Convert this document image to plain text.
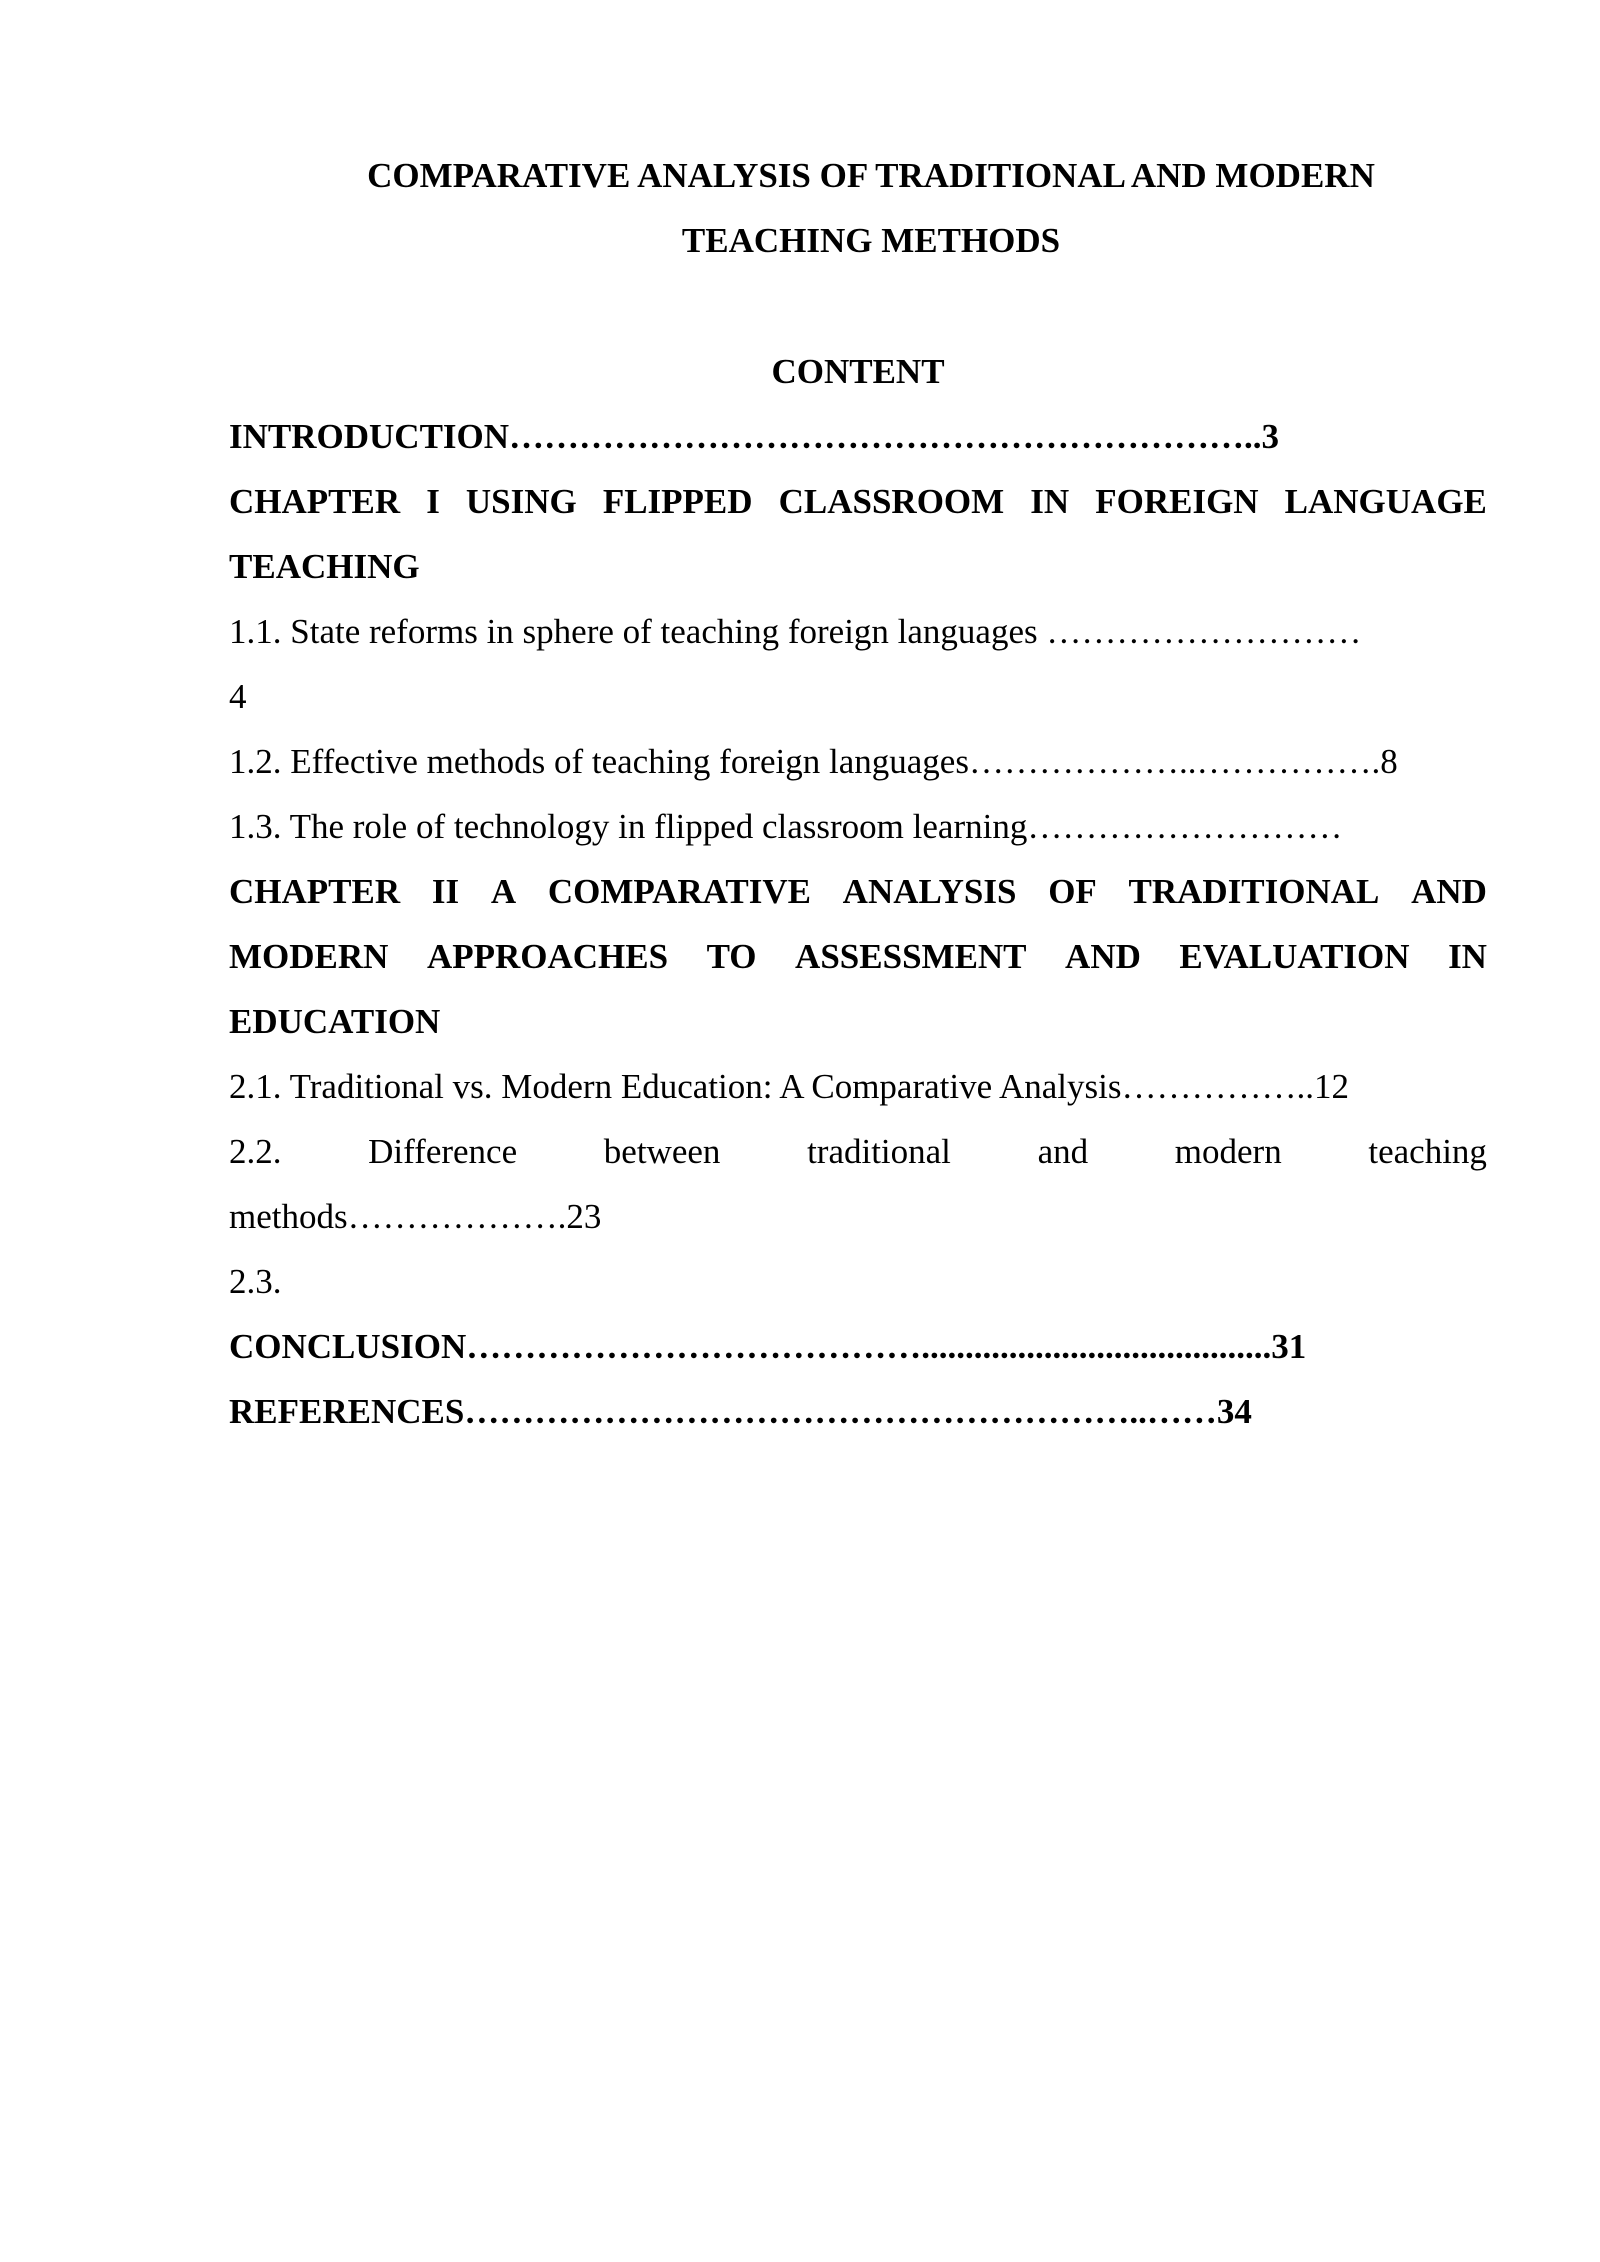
COMPARATIVE ANALYSIS OF TRADITIONAL AND MODERN
TEACHING METHODS
CONTENT
INTRODUCTION………………………………………………………..3
CHAPTER I USING FLIPPED CLASSROOM IN FOREIGN LANGUAGE
TEACHING
1.1. State reforms in sphere of teaching foreign languages ………………………
4
1.2. Effective methods of teaching foreign languages………………..…………….8
1.3. The role of technology in flipped classroom learning………………………
CHAPTER II A COMPARATIVE ANALYSIS OF TRADITIONAL AND
MODERN APPROACHES TO ASSESSMENT AND EVALUATION IN
EDUCATION
2.1. Traditional vs. Modern Education: A Comparative Analysis……………..12
2.2. Difference between traditional and modern teaching
methods……………….23
2.3.
CONCLUSION…………………………………........................................31
REFERENCES…………………………………………………..……34
